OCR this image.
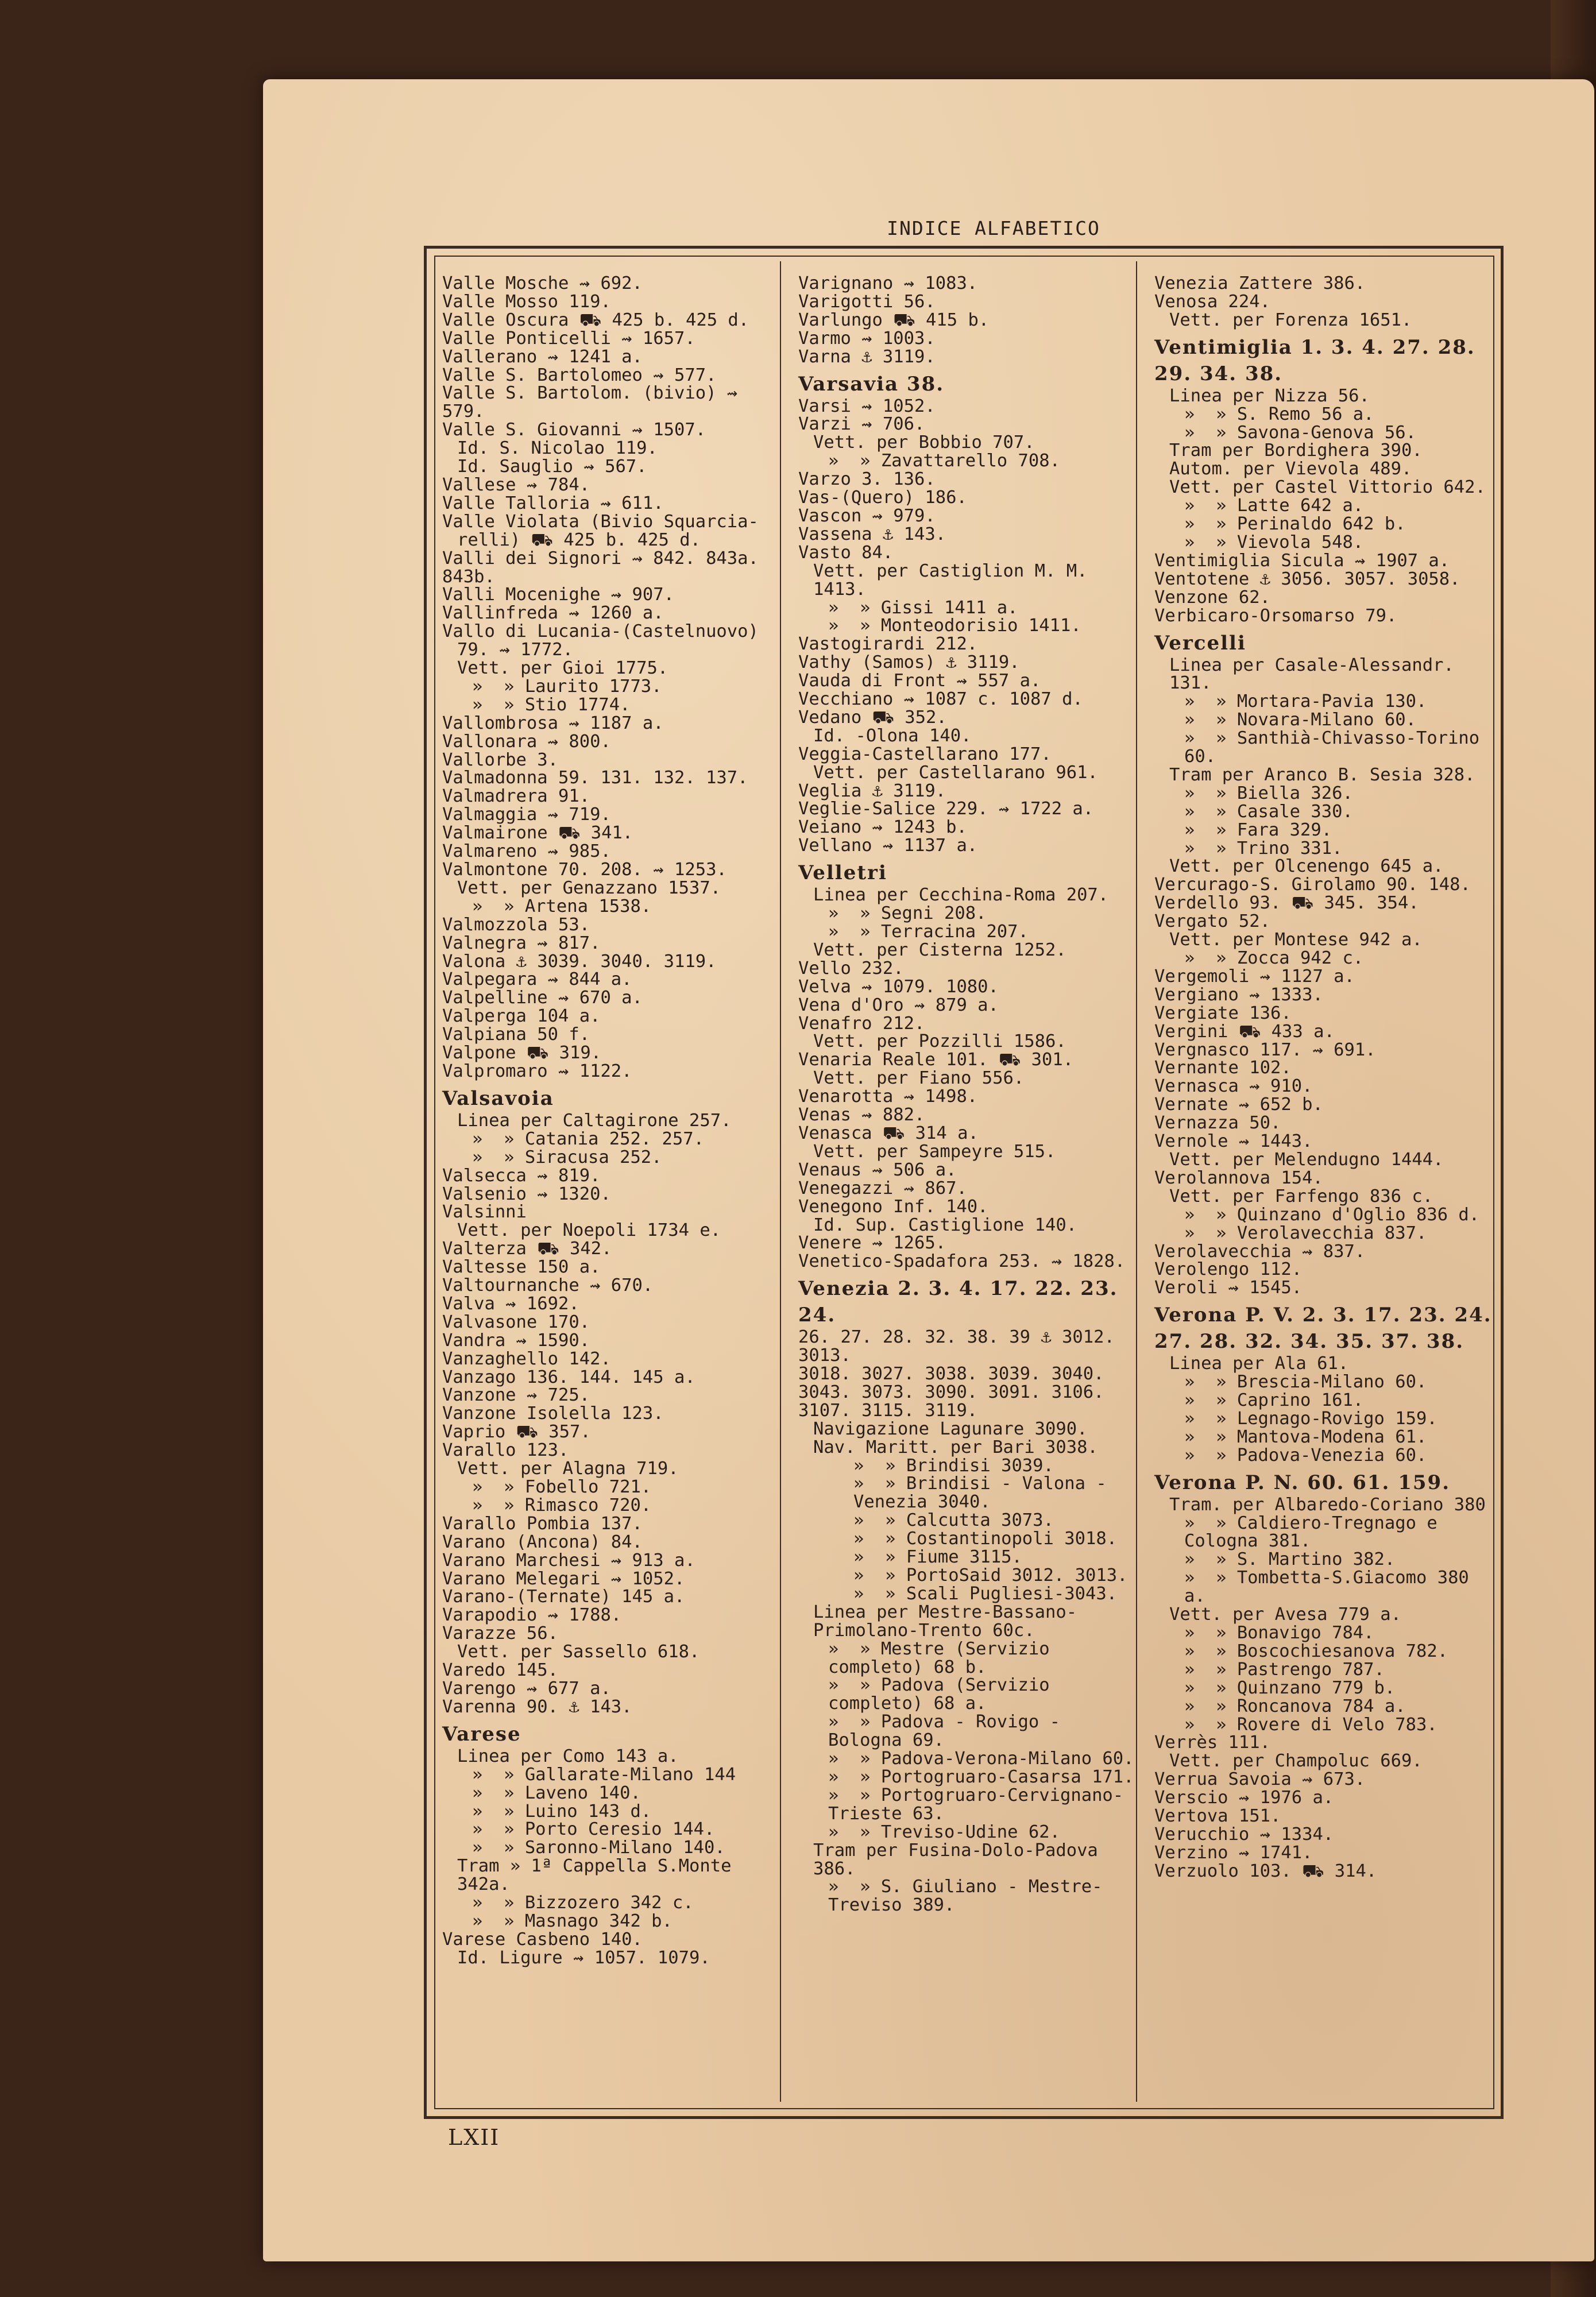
INDICE ALFABETICO
Valle Mosche ⇝ 692.
Valle Mosso 119.
Valle Oscura ⛟ 425 b. 425 d.
Valle Ponticelli ⇝ 1657.
Vallerano ⇝ 1241 a.
Valle S. Bartolomeo ⇝ 577.
Valle S. Bartolom. (bivio) ⇝ 579.
Valle S. Giovanni ⇝ 1507.
Id. S. Nicolao 119.
Id. Sauglio ⇝ 567.
Vallese ⇝ 784.
Valle Talloria ⇝ 611.
Valle Violata (Bivio Squarcia-
relli) ⛟ 425 b. 425 d.
Valli dei Signori ⇝ 842. 843a. 843b.
Valli Mocenighe ⇝ 907.
Vallinfreda ⇝ 1260 a.
Vallo di Lucania-(Castelnuovo)
79. ⇝ 1772.
Vett. per Gioi 1775.
»  » Laurito 1773.
»  » Stio 1774.
Vallombrosa ⇝ 1187 a.
Vallonara ⇝ 800.
Vallorbe 3.
Valmadonna 59. 131. 132. 137.
Valmadrera 91.
Valmaggia ⇝ 719.
Valmairone ⛟ 341.
Valmareno ⇝ 985.
Valmontone 70. 208. ⇝ 1253.
Vett. per Genazzano 1537.
»  » Artena 1538.
Valmozzola 53.
Valnegra ⇝ 817.
Valona ⚓ 3039. 3040. 3119.
Valpegara ⇝ 844 a.
Valpelline ⇝ 670 a.
Valperga 104 a.
Valpiana 50 f.
Valpone ⛟ 319.
Valpromaro ⇝ 1122.
Valsavoia
Linea per Caltagirone 257.
»  » Catania 252. 257.
»  » Siracusa 252.
Valsecca ⇝ 819.
Valsenio ⇝ 1320.
Valsinni
Vett. per Noepoli 1734 e.
Valterza ⛟ 342.
Valtesse 150 a.
Valtournanche ⇝ 670.
Valva ⇝ 1692.
Valvasone 170.
Vandra ⇝ 1590.
Vanzaghello 142.
Vanzago 136. 144. 145 a.
Vanzone ⇝ 725.
Vanzone Isolella 123.
Vaprio ⛟ 357.
Varallo 123.
Vett. per Alagna 719.
»  » Fobello 721.
»  » Rimasco 720.
Varallo Pombia 137.
Varano (Ancona) 84.
Varano Marchesi ⇝ 913 a.
Varano Melegari ⇝ 1052.
Varano-(Ternate) 145 a.
Varapodio ⇝ 1788.
Varazze 56.
Vett. per Sassello 618.
Varedo 145.
Varengo ⇝ 677 a.
Varenna 90. ⚓ 143.
Varese
Linea per Como 143 a.
»  » Gallarate-Milano 144
»  » Laveno 140.
»  » Luino 143 d.
»  » Porto Ceresio 144.
»  » Saronno-Milano 140.
Tram » 1ª Cappella S.Monte 342a.
»  » Bizzozero 342 c.
»  » Masnago 342 b.
Varese Casbeno 140.
Id. Ligure ⇝ 1057. 1079.
Varignano ⇝ 1083.
Varigotti 56.
Varlungo ⛟ 415 b.
Varmo ⇝ 1003.
Varna ⚓ 3119.
Varsavia 38.
Varsi ⇝ 1052.
Varzi ⇝ 706.
Vett. per Bobbio 707.
»  » Zavattarello 708.
Varzo 3. 136.
Vas-(Quero) 186.
Vascon ⇝ 979.
Vassena ⚓ 143.
Vasto 84.
Vett. per Castiglion M. M. 1413.
»  » Gissi 1411 a.
»  » Monteodorisio 1411.
Vastogirardi 212.
Vathy (Samos) ⚓ 3119.
Vauda di Front ⇝ 557 a.
Vecchiano ⇝ 1087 c. 1087 d.
Vedano ⛟ 352.
Id. -Olona 140.
Veggia-Castellarano 177.
Vett. per Castellarano 961.
Veglia ⚓ 3119.
Veglie-Salice 229. ⇝ 1722 a.
Veiano ⇝ 1243 b.
Vellano ⇝ 1137 a.
Velletri
Linea per Cecchina-Roma 207.
»  » Segni 208.
»  » Terracina 207.
Vett. per Cisterna 1252.
Vello 232.
Velva ⇝ 1079. 1080.
Vena d'Oro ⇝ 879 a.
Venafro 212.
Vett. per Pozzilli 1586.
Venaria Reale 101. ⛟ 301.
Vett. per Fiano 556.
Venarotta ⇝ 1498.
Venas ⇝ 882.
Venasca ⛟ 314 a.
Vett. per Sampeyre 515.
Venaus ⇝ 506 a.
Venegazzi ⇝ 867.
Venegono Inf. 140.
Id. Sup. Castiglione 140.
Venere ⇝ 1265.
Venetico-Spadafora 253. ⇝ 1828.
Venezia 2. 3. 4. 17. 22. 23. 24.
26. 27. 28. 32. 38. 39 ⚓ 3012. 3013.
3018. 3027. 3038. 3039. 3040.
3043. 3073. 3090. 3091. 3106.
3107. 3115. 3119.
Navigazione Lagunare 3090.
Nav. Maritt. per Bari 3038.
»  » Brindisi 3039.
»  » Brindisi - Valona - Venezia 3040.
»  » Calcutta 3073.
»  » Costantinopoli 3018.
»  » Fiume 3115.
»  » PortoSaid 3012. 3013.
»  » Scali Pugliesi-3043.
Linea per Mestre-Bassano-Primolano-Trento 60c.
»  » Mestre (Servizio completo) 68 b.
»  » Padova (Servizio completo) 68 a.
»  » Padova - Rovigo - Bologna 69.
»  » Padova-Verona-Milano 60.
»  » Portogruaro-Casarsa 171.
»  » Portogruaro-Cervignano-Trieste 63.
»  » Treviso-Udine 62.
Tram per Fusina-Dolo-Padova 386.
»  » S. Giuliano - Mestre-Treviso 389.
Venezia Zattere 386.
Venosa 224.
Vett. per Forenza 1651.
Ventimiglia 1. 3. 4. 27. 28. 29. 34. 38.
Linea per Nizza 56.
»  » S. Remo 56 a.
»  » Savona-Genova 56.
Tram per Bordighera 390.
Autom. per Vievola 489.
Vett. per Castel Vittorio 642.
»  » Latte 642 a.
»  » Perinaldo 642 b.
»  » Vievola 548.
Ventimiglia Sicula ⇝ 1907 a.
Ventotene ⚓ 3056. 3057. 3058.
Venzone 62.
Verbicaro-Orsomarso 79.
Vercelli
Linea per Casale-Alessandr. 131.
»  » Mortara-Pavia 130.
»  » Novara-Milano 60.
»  » Santhià-Chivasso-Torino 60.
Tram per Aranco B. Sesia 328.
»  » Biella 326.
»  » Casale 330.
»  » Fara 329.
»  » Trino 331.
Vett. per Olcenengo 645 a.
Vercurago-S. Girolamo 90. 148.
Verdello 93. ⛟ 345. 354.
Vergato 52.
Vett. per Montese 942 a.
»  » Zocca 942 c.
Vergemoli ⇝ 1127 a.
Vergiano ⇝ 1333.
Vergiate 136.
Vergini ⛟ 433 a.
Vergnasco 117. ⇝ 691.
Vernante 102.
Vernasca ⇝ 910.
Vernate ⇝ 652 b.
Vernazza 50.
Vernole ⇝ 1443.
Vett. per Melendugno 1444.
Verolannova 154.
Vett. per Farfengo 836 c.
»  » Quinzano d'Oglio 836 d.
»  » Verolavecchia 837.
Verolavecchia ⇝ 837.
Verolengo 112.
Veroli ⇝ 1545.
Verona P. V. 2. 3. 17. 23. 24. 27. 28. 32. 34. 35. 37. 38.
Linea per Ala 61.
»  » Brescia-Milano 60.
»  » Caprino 161.
»  » Legnago-Rovigo 159.
»  » Mantova-Modena 61.
»  » Padova-Venezia 60.
Verona P. N. 60. 61. 159.
Tram. per Albaredo-Coriano 380
»  » Caldiero-Tregnago e Cologna 381.
»  » S. Martino 382.
»  » Tombetta-S.Giacomo 380 a.
Vett. per Avesa 779 a.
»  » Bonavigo 784.
»  » Boscochiesanova 782.
»  » Pastrengo 787.
»  » Quinzano 779 b.
»  » Roncanova 784 a.
»  » Rovere di Velo 783.
Verrès 111.
Vett. per Champoluc 669.
Verrua Savoia ⇝ 673.
Versciо ⇝ 1976 a.
Vertova 151.
Verucchio ⇝ 1334.
Verzino ⇝ 1741.
Verzuolo 103. ⛟ 314.
LXII
